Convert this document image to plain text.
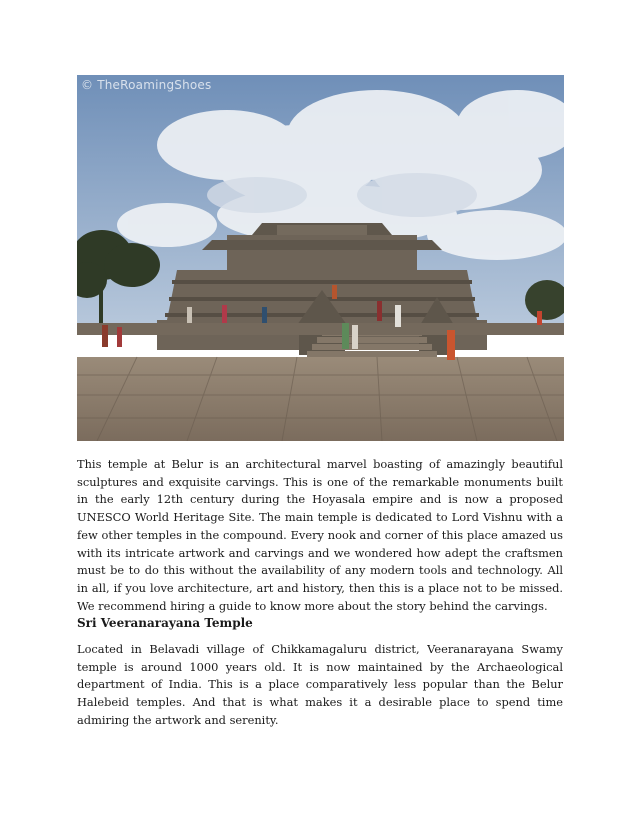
© TheRoamingShoes

This temple at Belur is an architectural marvel boasting of amazingly beautiful sculptures and exquisite carvings. This is one of the remarkable monuments built in the early 12th century during the Hoyasala empire and is now a proposed UNESCO World Heritage Site. The main temple is dedicated to Lord Vishnu with a few other temples in the compound. Every nook and corner of this place amazed us with its intricate artwork and carvings and we wondered how adept the craftsmen must be to do this without the availability of any modern tools and technology. All in all, if you love architecture, art and history, then this is a place not to be missed. We recommend hiring a guide to know more about the story behind the carvings.

Sri Veeranarayana Temple

Located in Belavadi village of Chikkamagaluru district, Veeranarayana Swamy temple is around 1000 years old. It is now maintained by the Archaeological department of India. This is a place comparatively less popular than the Belur Halebeid temples. And that is what makes it a desirable place to spend time admiring the artwork and serenity.
